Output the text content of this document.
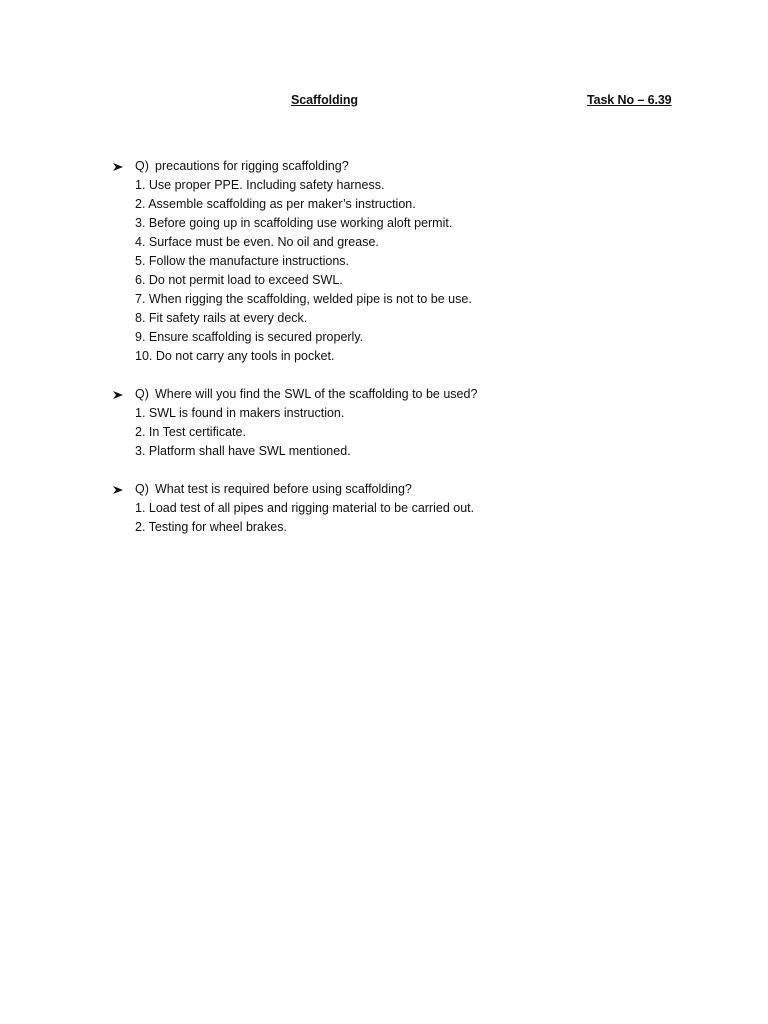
Scaffolding	Task No – 6.39
Q) precautions for rigging scaffolding?
1. Use proper PPE. Including safety harness.
2. Assemble scaffolding as per maker’s instruction.
3. Before going up in scaffolding use working aloft permit.
4. Surface must be even. No oil and grease.
5. Follow the manufacture instructions.
6. Do not permit load to exceed SWL.
7. When rigging the scaffolding, welded pipe is not to be use.
8. Fit safety rails at every deck.
9. Ensure scaffolding is secured properly.
10. Do not carry any tools in pocket.
Q) Where will you find the SWL of the scaffolding to be used?
1. SWL is found in makers instruction.
2. In Test certificate.
3. Platform shall have SWL mentioned.
Q) What test is required before using scaffolding?
1. Load test of all pipes and rigging material to be carried out.
2. Testing for wheel brakes.
